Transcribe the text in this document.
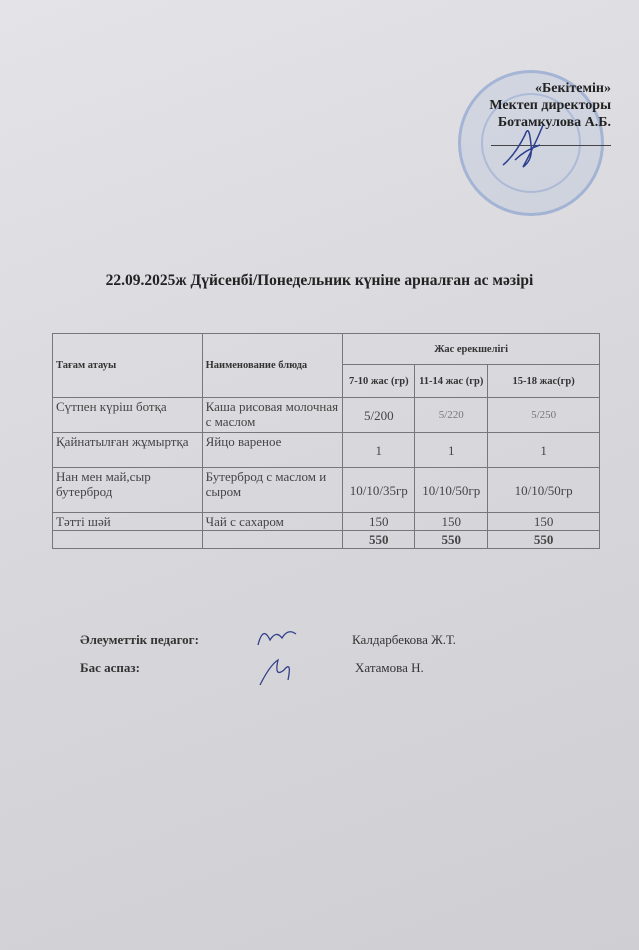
«Бекітемін»
Мектеп директоры
Ботамкулова А.Б.
22.09.2025ж Дүйсенбі/Понедельник күніне арналған ас мәзірі
Тағам атауы	Наименование блюда	Жас ерекшелігі		
		7-10 жас (гр)	11-14 жас (гр)	15-18 жас(гр)
Сүтпен күріш ботқа	Каша рисовая молочная с маслом	5/200	5/220	5/250
Қайнатылған жұмыртқа	Яйцо вареное	1	1	1
Нан мен май,сыр бутерброд	Бутерброд с маслом и сыром	10/10/35гр	10/10/50гр	10/10/50гр
Тәтті шәй	Чай с сахаром	150	150	150
		550	550	550
Әлеуметтік педагог:	Калдарбекова Ж.Т.
Бас аспаз:	Хатамова Н.
